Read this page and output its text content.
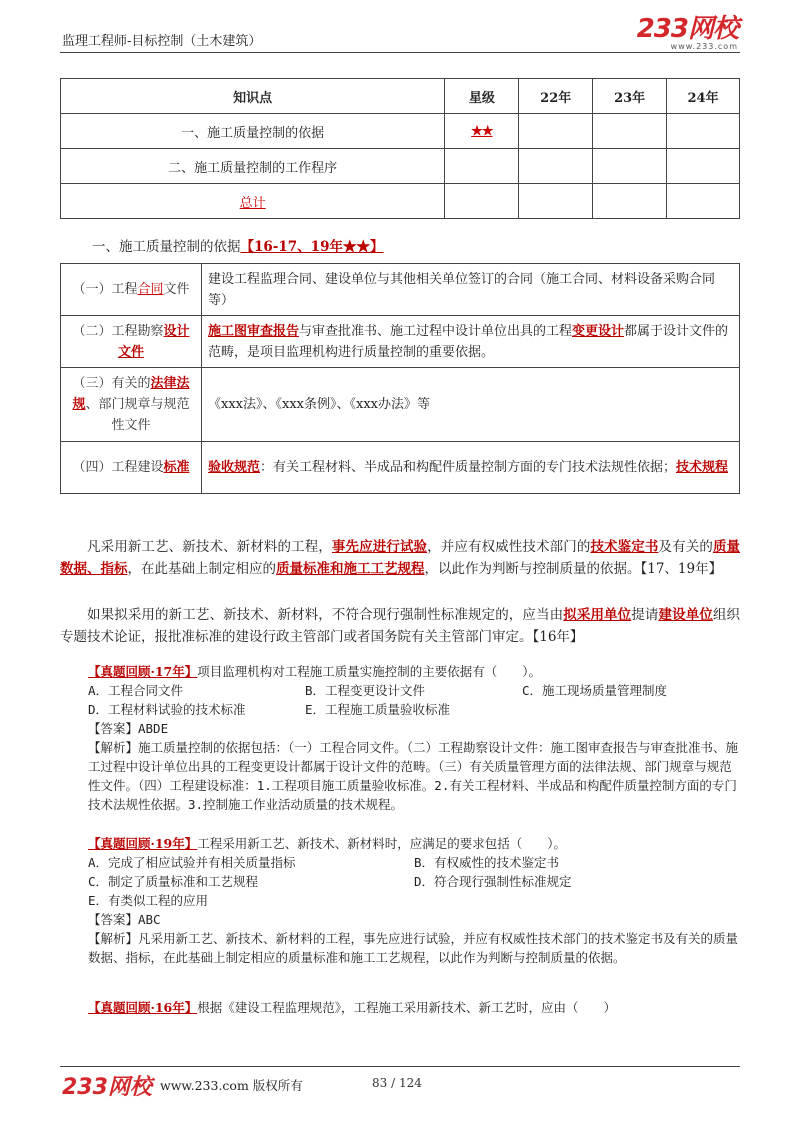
监理工程师-目标控制（土木建筑）	233网校
www.233.com
知识点	星级	22年	23年	24年
一、施工质量控制的依据	★★			
二、施工质量控制的工作程序				
总计				
一、施工质量控制的依据【16-17、19年★★】
（一）工程合同文件	建设工程监理合同、建设单位与其他相关单位签订的合同（施工合同、材料设备采购合同等）
（二）工程勘察设计文件	施工图审查报告与审查批准书、施工过程中设计单位出具的工程变更设计都属于设计文件的范畴，是项目监理机构进行质量控制的重要依据。
（三）有关的法律法规、部门规章与规范性文件	《xxx法》、《xxx条例》、《xxx办法》等
（四）工程建设标准	验收规范：有关工程材料、半成品和构配件质量控制方面的专门技术法规性依据；技术规程
凡采用新工艺、新技术、新材料的工程，事先应进行试验，并应有权威性技术部门的技术鉴定书及有关的质量数据、指标，在此基础上制定相应的质量标准和施工工艺规程，以此作为判断与控制质量的依据。【17、19年】
如果拟采用的新工艺、新技术、新材料，不符合现行强制性标准规定的，应当由拟采用单位提请建设单位组织专题技术论证，报批准标准的建设行政主管部门或者国务院有关主管部门审定。【16年】

【真题回顾·17年】项目监理机构对工程施工质量实施控制的主要依据有（　　）。

A．工程合同文件	B．工程变更设计文件	C．施工现场质量管理制度
D．工程材料试验的技术标准	E．工程施工质量验收标准

【答案】ABDE

【解析】施工质量控制的依据包括：（一）工程合同文件。（二）工程勘察设计文件：施工图审查报告与审查批准书、施工过程中设计单位出具的工程变更设计都属于设计文件的范畴。（三）有关质量管理方面的法律法规、部门规章与规范性文件。（四）工程建设标准：1.工程项目施工质量验收标准。2.有关工程材料、半成品和构配件质量控制方面的专门技术法规性依据。3.控制施工作业活动质量的技术规程。

【真题回顾·19年】工程采用新工艺、新技术、新材料时，应满足的要求包括（　　）。

A．完成了相应试验并有相关质量指标	B．有权威性的技术鉴定书
C．制定了质量标准和工艺规程	D．符合现行强制性标准规定

E．有类似工程的应用

【答案】ABC

【解析】凡采用新工艺、新技术、新材料的工程，事先应进行试验，并应有权威性技术部门的技术鉴定书及有关的质量数据、指标，在此基础上制定相应的质量标准和施工工艺规程，以此作为判断与控制质量的依据。

【真题回顾·16年】根据《建设工程监理规范》，工程施工采用新技术、新工艺时，应由（　　）

233网校 www.233.com 版权所有	83 / 124
